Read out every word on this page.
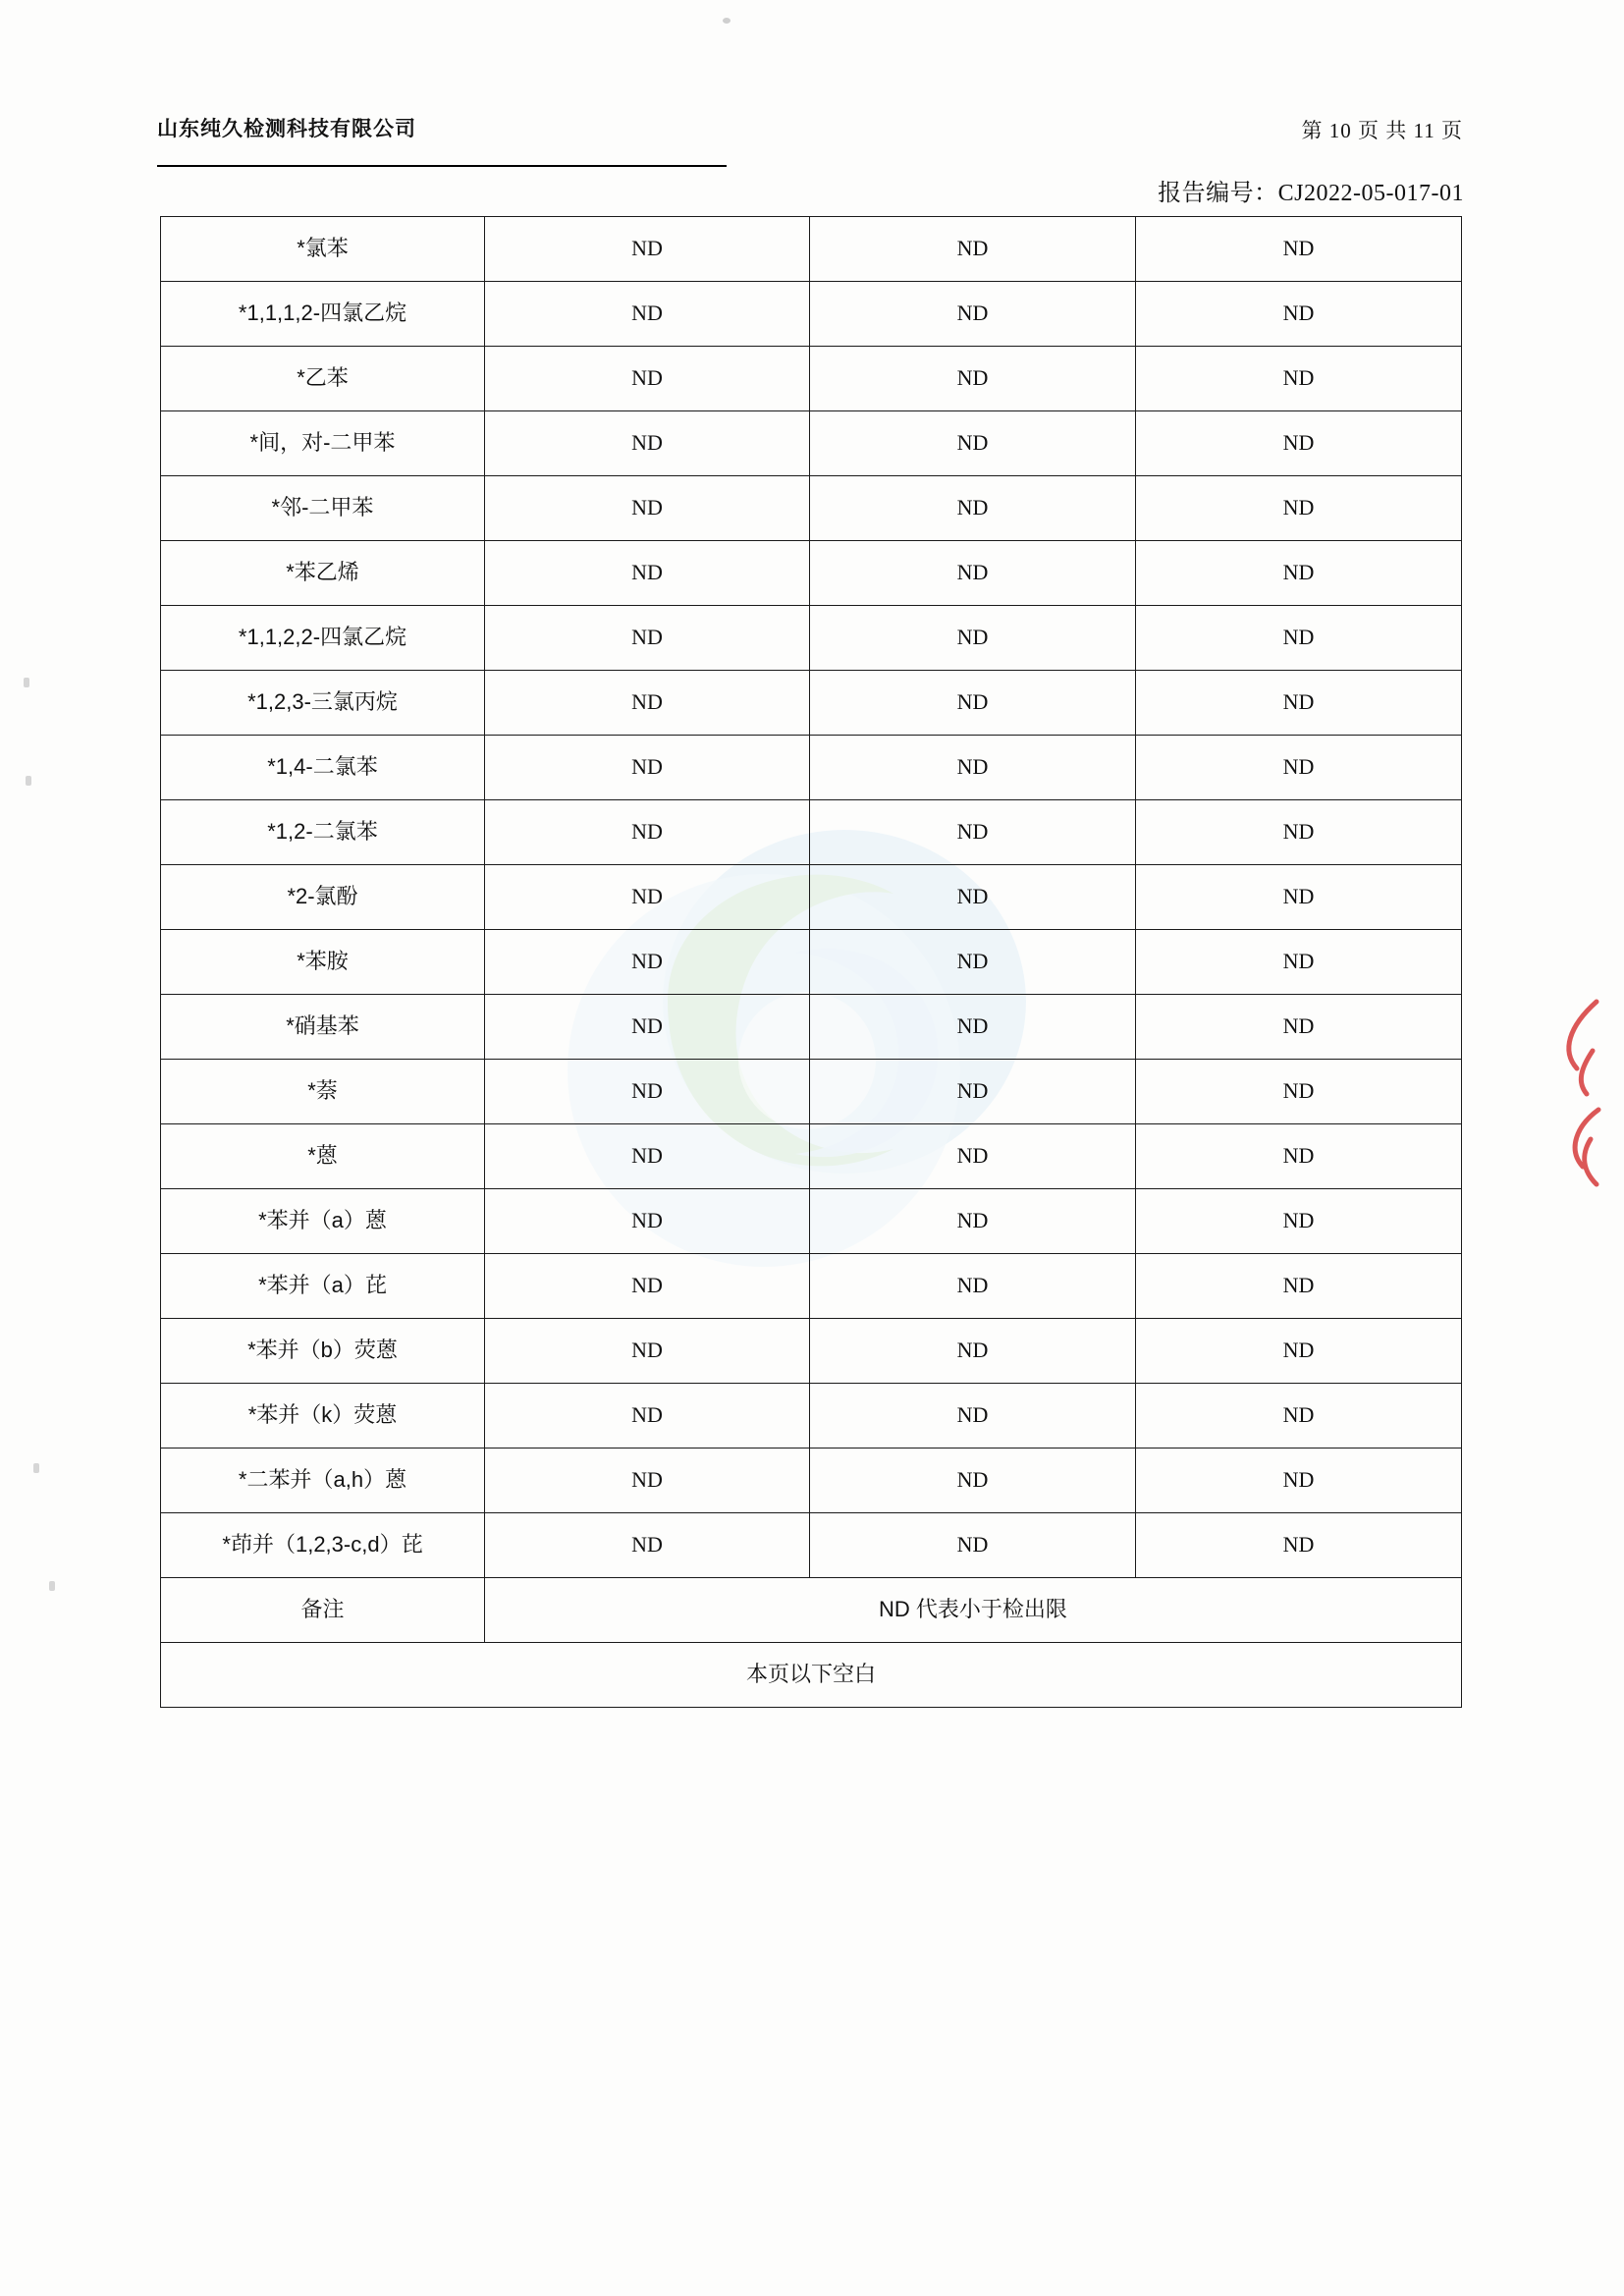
山东纯久检测科技有限公司	第 10 页 共 11 页
报告编号：CJ2022-05-017-01
*氯苯	ND	ND	ND
*1,1,1,2-四氯乙烷	ND	ND	ND
*乙苯	ND	ND	ND
*间，对-二甲苯	ND	ND	ND
*邻-二甲苯	ND	ND	ND
*苯乙烯	ND	ND	ND
*1,1,2,2-四氯乙烷	ND	ND	ND
*1,2,3-三氯丙烷	ND	ND	ND
*1,4-二氯苯	ND	ND	ND
*1,2-二氯苯	ND	ND	ND
*2-氯酚	ND	ND	ND
*苯胺	ND	ND	ND
*硝基苯	ND	ND	ND
*萘	ND	ND	ND
*蒽	ND	ND	ND
*苯并（a）蒽	ND	ND	ND
*苯并（a）芘	ND	ND	ND
*苯并（b）荧蒽	ND	ND	ND
*苯并（k）荧蒽	ND	ND	ND
*二苯并（a,h）蒽	ND	ND	ND
*茚并（1,2,3-c,d）芘	ND	ND	ND
备注	ND 代表小于检出限		
本页以下空白			
